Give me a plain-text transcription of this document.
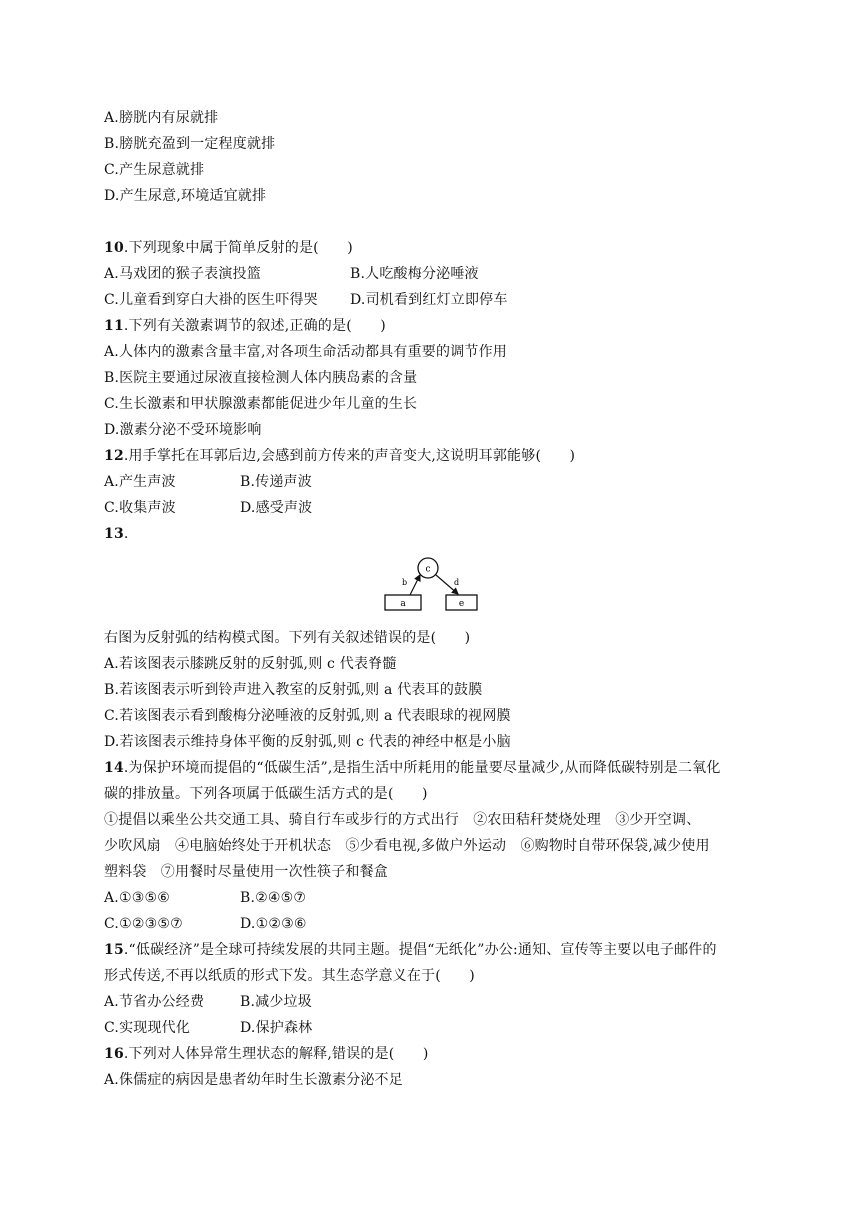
A.膀胱内有尿就排
B.膀胱充盈到一定程度就排
C.产生尿意就排
D.产生尿意,环境适宜就排
10.下列现象中属于简单反射的是(　　)
A.马戏团的猴子表演投篮	B.人吃酸梅分泌唾液
C.儿童看到穿白大褂的医生吓得哭 D.司机看到红灯立即停车
11.下列有关激素调节的叙述,正确的是(　　)
A.人体内的激素含量丰富,对各项生命活动都具有重要的调节作用
B.医院主要通过尿液直接检测人体内胰岛素的含量
C.生长激素和甲状腺激素都能促进少年儿童的生长
D.激素分泌不受环境影响
12.用手掌托在耳郭后边,会感到前方传来的声音变大,这说明耳郭能够(　　)
A.产生声波	B.传递声波
C.收集声波	D.感受声波
13.
c
a	e
b	d
右图为反射弧的结构模式图。下列有关叙述错误的是(　　)
A.若该图表示膝跳反射的反射弧,则 c 代表脊髓
B.若该图表示听到铃声进入教室的反射弧,则 a 代表耳的鼓膜
C.若该图表示看到酸梅分泌唾液的反射弧,则 a 代表眼球的视网膜
D.若该图表示维持身体平衡的反射弧,则 c 代表的神经中枢是小脑
14.为保护环境而提倡的“低碳生活”,是指生活中所耗用的能量要尽量减少,从而降低碳特别是二氧化
碳的排放量。下列各项属于低碳生活方式的是(　　)
①提倡以乘坐公共交通工具、骑自行车或步行的方式出行　②农田秸秆焚烧处理　③少开空调、
少吹风扇　④电脑始终处于开机状态　⑤少看电视,多做户外运动　⑥购物时自带环保袋,减少使用
塑料袋　⑦用餐时尽量使用一次性筷子和餐盒
A.①③⑤⑥	B.②④⑤⑦
C.①②③⑤⑦	D.①②③⑥
15.“低碳经济”是全球可持续发展的共同主题。提倡“无纸化”办公:通知、宣传等主要以电子邮件的
形式传送,不再以纸质的形式下发。其生态学意义在于(　　)
A.节省办公经费	B.减少垃圾
C.实现现代化	D.保护森林
16.下列对人体异常生理状态的解释,错误的是(　　)
A.侏儒症的病因是患者幼年时生长激素分泌不足
